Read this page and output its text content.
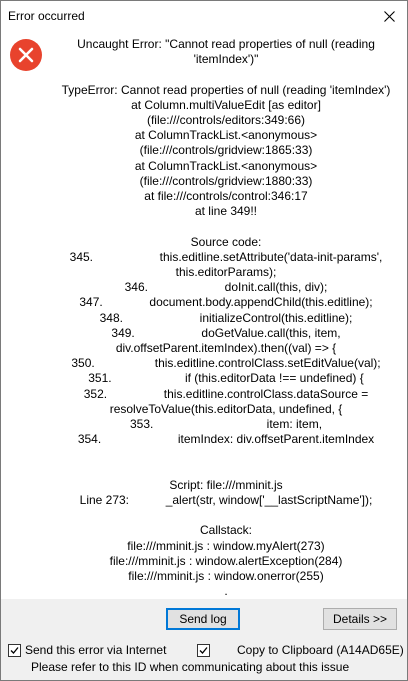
Error occurred

Uncaught Error: "Cannot read properties of null (reading

'itemIndex')"

TypeError: Cannot read properties of null (reading 'itemIndex')

at Column.multiValueEdit [as editor]

(file:///controls/editors:349:66)

at ColumnTrackList.<anonymous>

(file:///controls/gridview:1865:33)

at ColumnTrackList.<anonymous>

(file:///controls/gridview:1880:33)

at file:///controls/control:346:17

at line 349!!

Source code:

345.                    this.editline.setAttribute('data-init-params',

this.editorParams);

346.                       doInit.call(this, div);

347.              document.body.appendChild(this.editline);

348.                       initializeControl(this.editline);

349.                    doGetValue.call(this, item,

div.offsetParent.itemIndex).then((val) => {

350.                  this.editline.controlClass.setEditValue(val);

351.                      if (this.editorData !== undefined) {

352.                 this.editline.controlClass.dataSource =

resolveToValue(this.editorData, undefined, {

353.                                  item: item,

354.                       itemIndex: div.offsetParent.itemIndex

Script: file:///mminit.js

Line 273:           _alert(str, window['__lastScriptName']);

Callstack:

file:///mminit.js : window.myAlert(273)

file:///mminit.js : window.alertException(284)

file:///mminit.js : window.onerror(255)

.

Send log	Details >>
Send this error via Internet	Copy to Clipboard (A14AD65E)
Please refer to this ID when communicating about this issue
